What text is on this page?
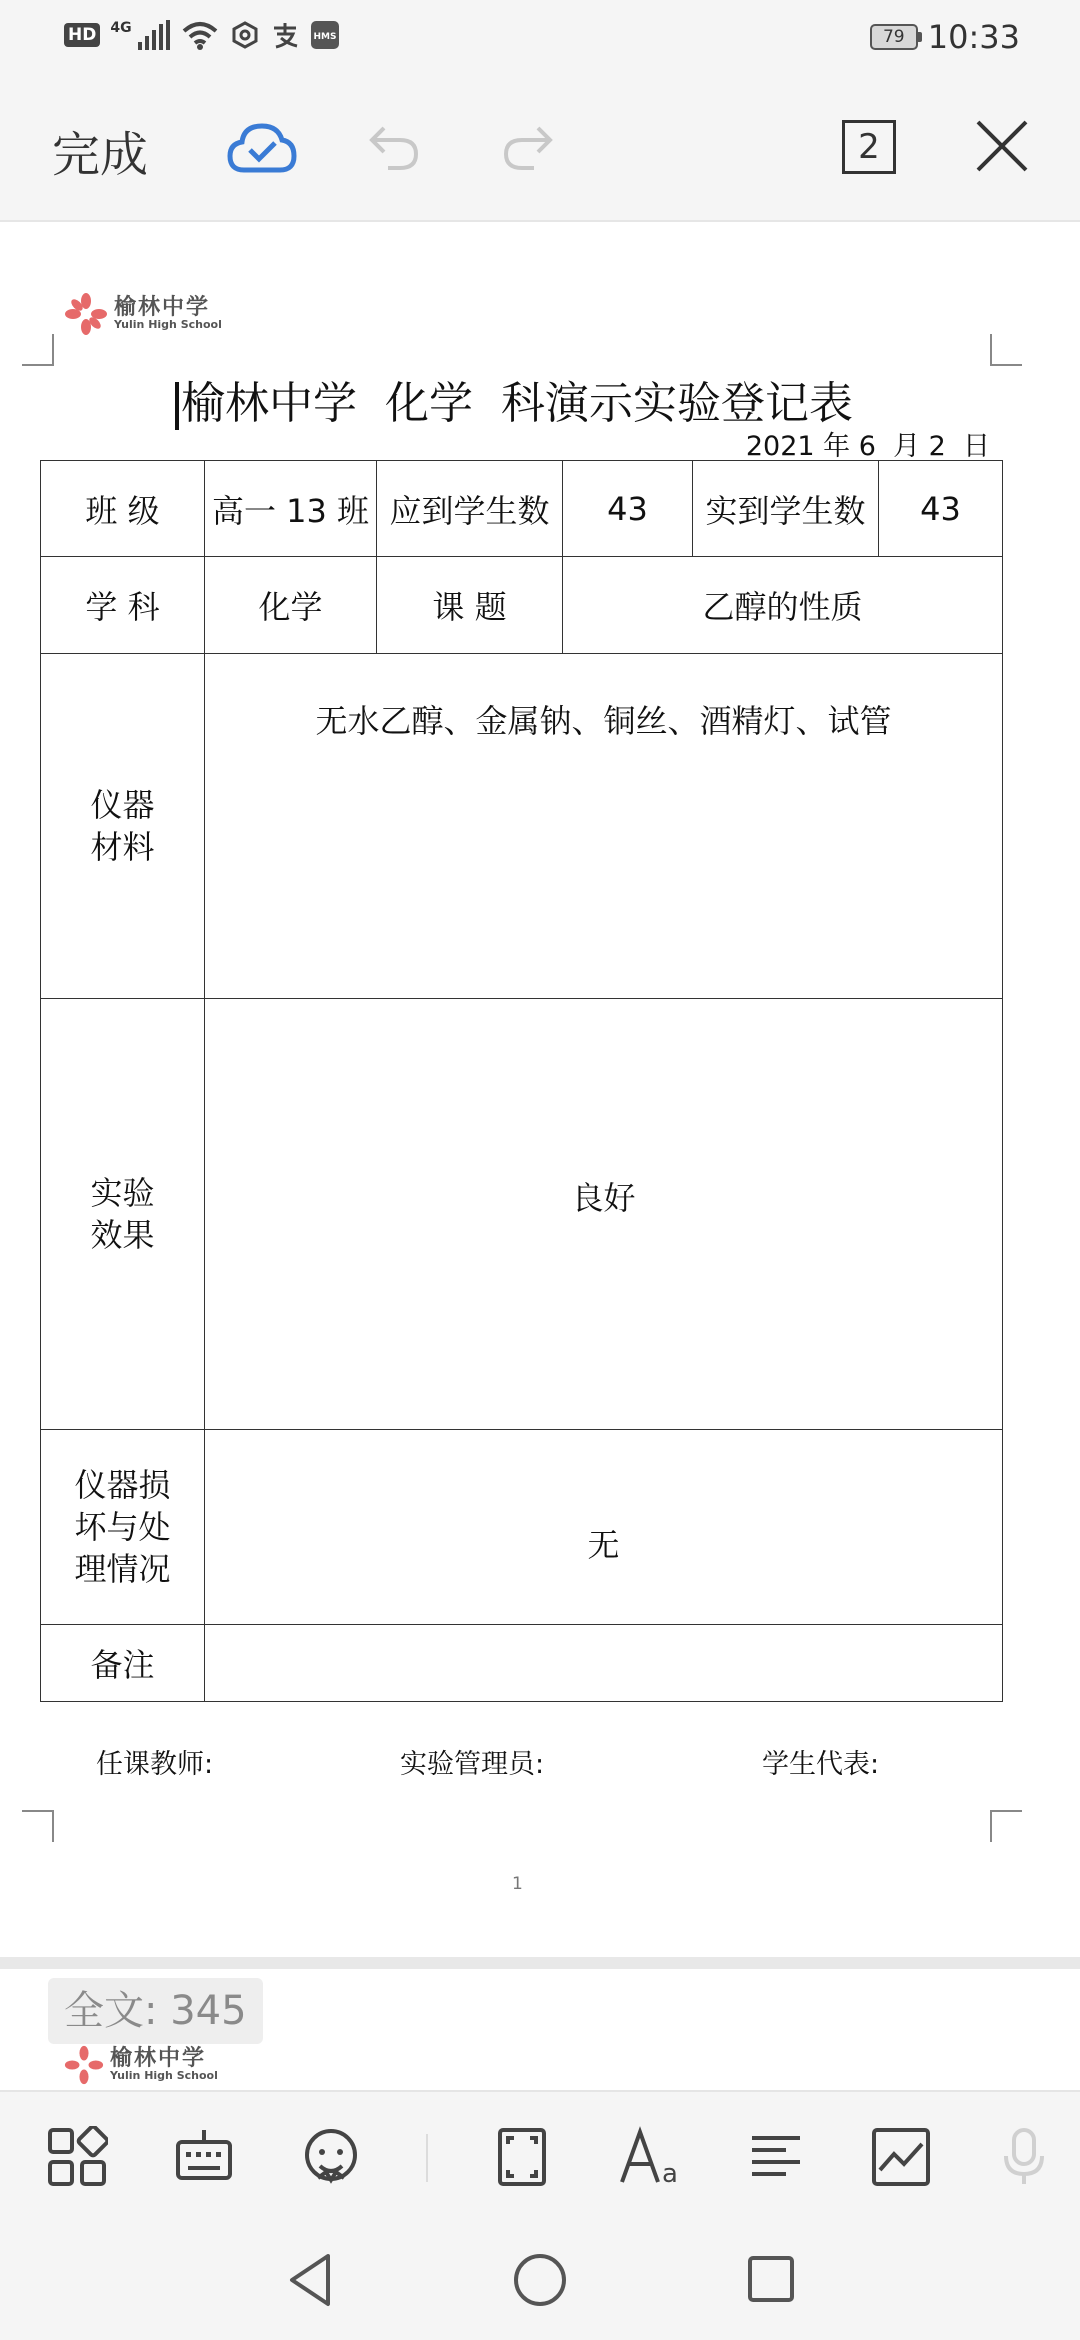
HD 4G
HMS	79 10:33
完成	2
榆林中学
Yulin High School
榆林中学  化学  科演示实验登记表
2021 年 6  月 2  日
班 级	高一 13 班	应到学生数	43	实到学生数	43
学 科	化学	课 题	乙醇的性质		
仪器
材料	无水乙醇、金属钠、铜丝、酒精灯、试管				
实验
效果	良好				
仪器损
坏与处
理情况	无				
备注					
任课教师:	实验管理员:	学生代表:
1
榆林中学
Yulin High School
全文: 345
a
